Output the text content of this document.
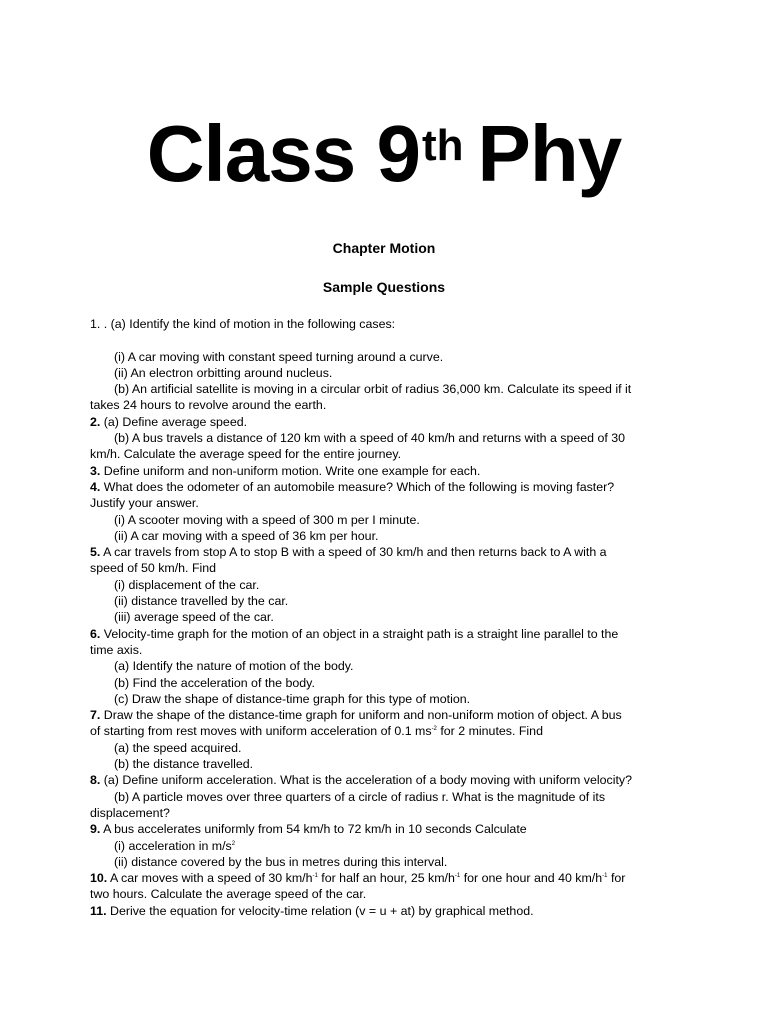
Class 9th Phy
Chapter Motion
Sample Questions

1. . (a) Identify the kind of motion in the following cases:

(i) A car moving with constant speed turning around a curve.

(ii) An electron orbitting around nucleus.

(b) An artificial satellite is moving in a circular orbit of radius 36,000 km. Calculate its speed if it

takes 24 hours to revolve around the earth.

2. (a) Define average speed.

(b) A bus travels a distance of 120 km with a speed of 40 km/h and returns with a speed of 30

km/h. Calculate the average speed for the entire journey.

3. Define uniform and non-uniform motion. Write one example for each.

4. What does the odometer of an automobile measure? Which of the following is moving faster?

Justify your answer.

(i) A scooter moving with a speed of 300 m per I minute.

(ii) A car moving with a speed of 36 km per hour.

5. A car travels from stop A to stop B with a speed of 30 km/h and then returns back to A with a

speed of 50 km/h. Find

(i) displacement of the car.

(ii) distance travelled by the car.

(iii) average speed of the car.

6. Velocity-time graph for the motion of an object in a straight path is a straight line parallel to the

time axis.

(a) Identify the nature of motion of the body.

(b) Find the acceleration of the body.

(c) Draw the shape of distance-time graph for this type of motion.

7. Draw the shape of the distance-time graph for uniform and non-uniform motion of object. A bus

of starting from rest moves with uniform acceleration of 0.1 $ms^{-2}$ for 2 minutes. Find

(a) the speed acquired.

(b) the distance travelled.

8. (a) Define uniform acceleration. What is the acceleration of a body moving with uniform velocity?

(b) A particle moves over three quarters of a circle of radius r. What is the magnitude of its

displacement?

9. A bus accelerates uniformly from 54 km/h to 72 km/h in 10 seconds Calculate

(i) acceleration in $m/s^2$

(ii) distance covered by the bus in metres during this interval.

10. A car moves with a speed of 30 $km/h^{-1}$ for half an hour, 25 $km/h^{-1}$ for one hour and 40 $km/h^{-1}$ for

two hours. Calculate the average speed of the car.

11. Derive the equation for velocity-time relation (v = u + at) by graphical method.
